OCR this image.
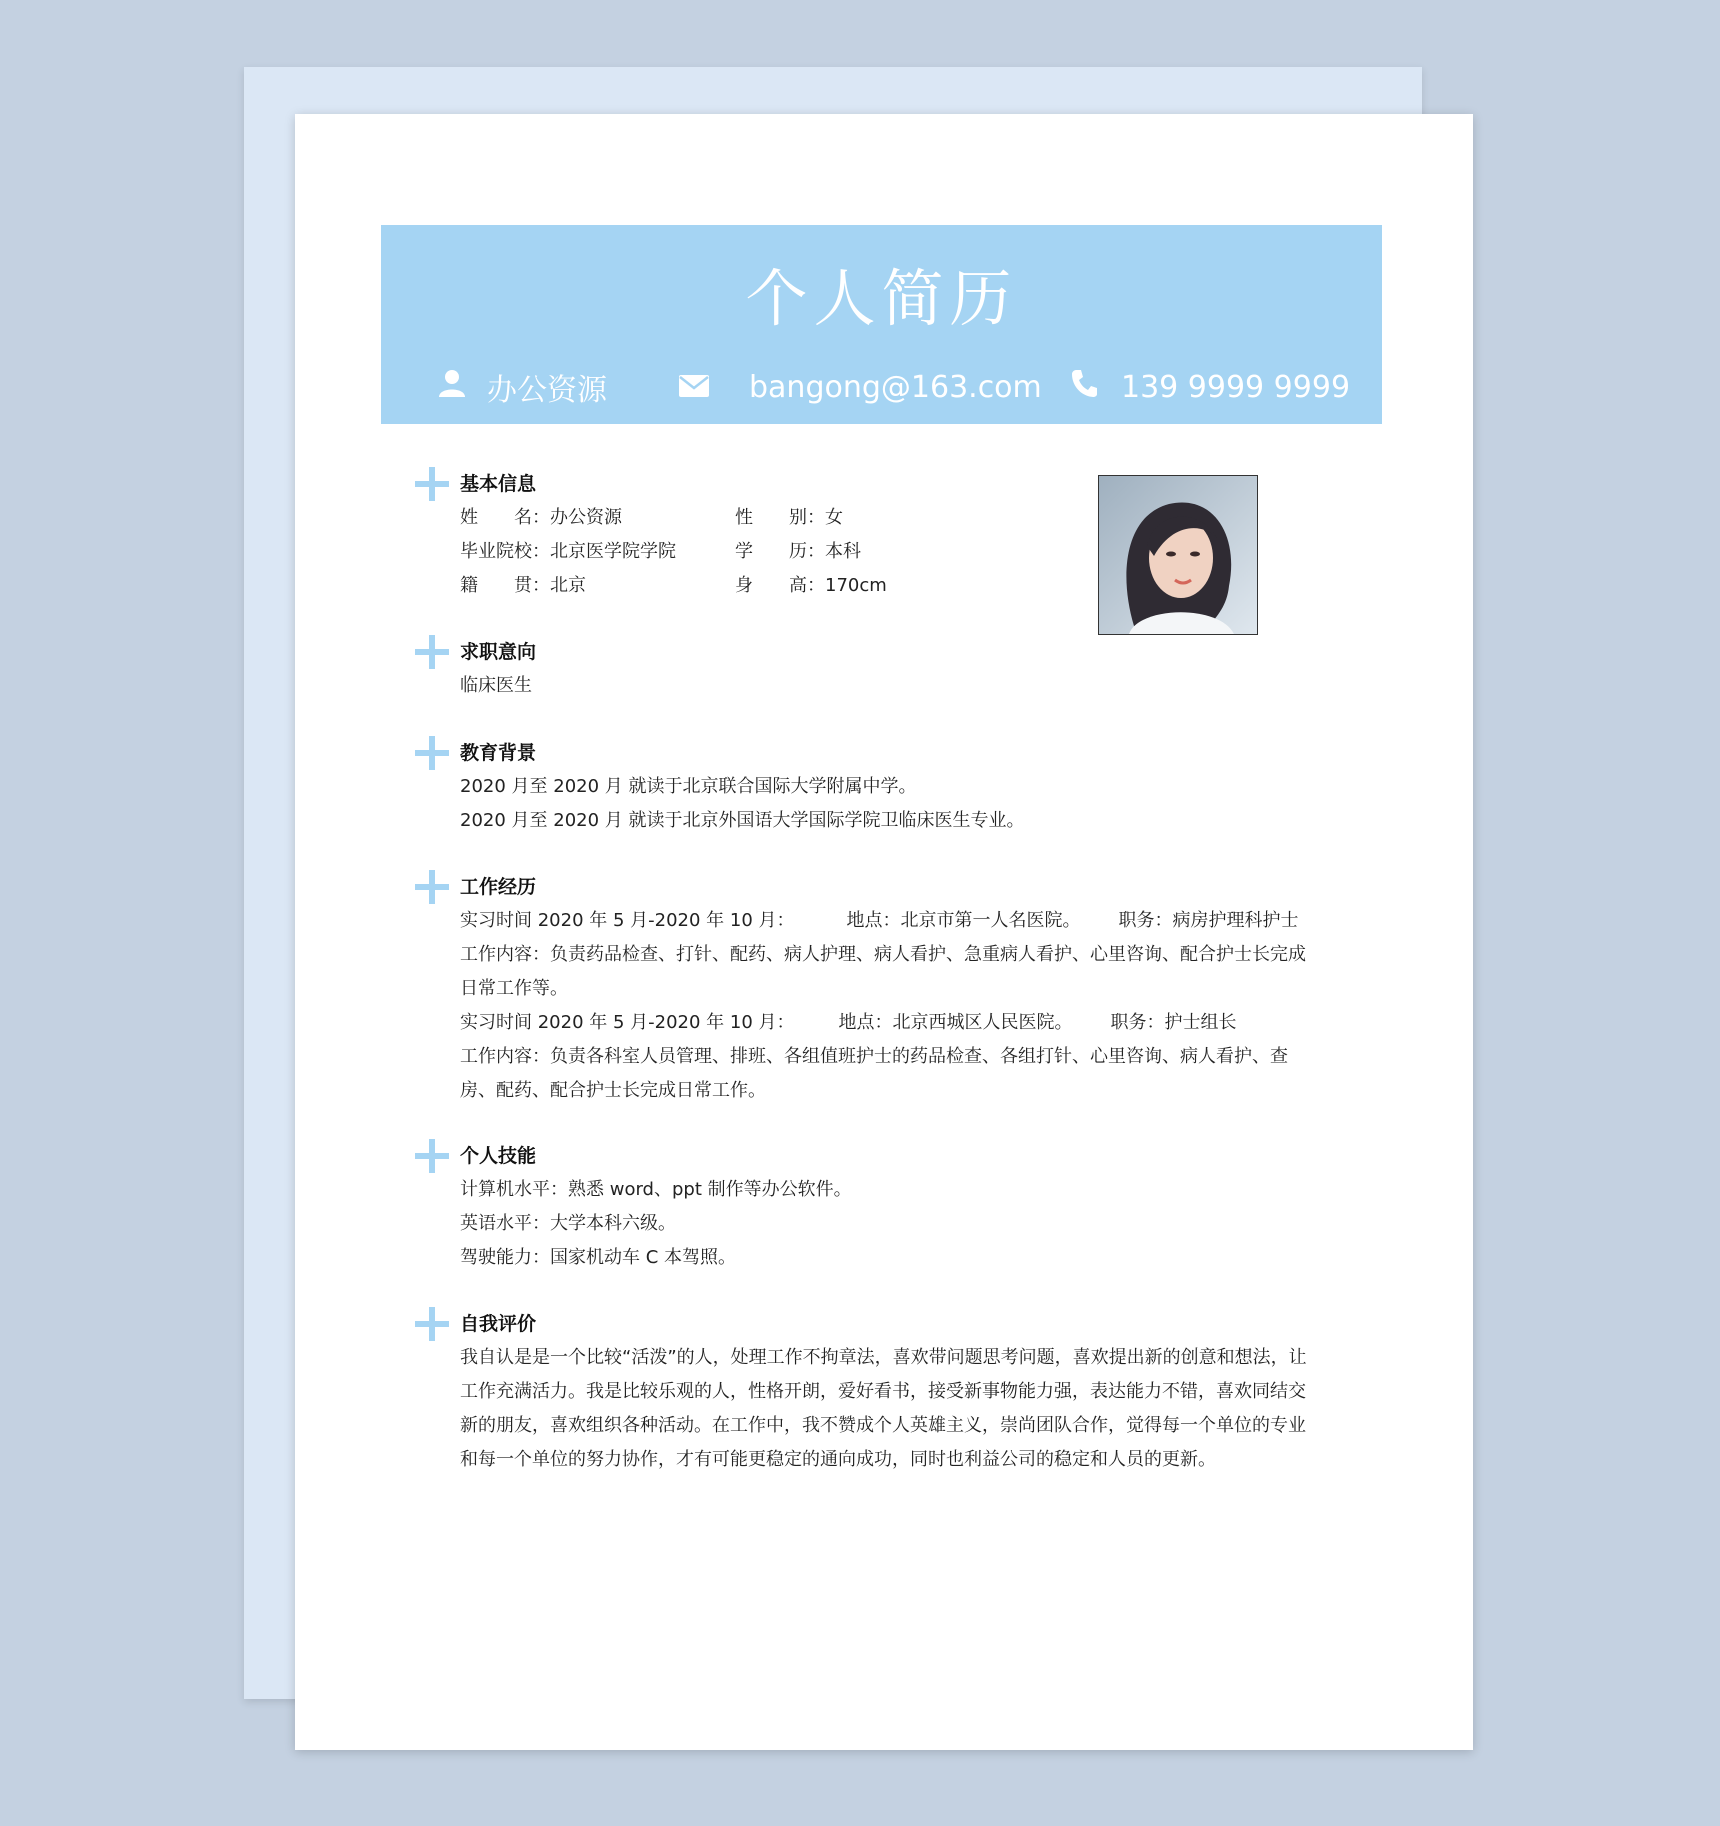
个人简历
办公资源	bangong@163.com	139 9999 9999
基本信息
姓　　名： 办公资源	性　　别：女
毕业院校： 北京医学院学院	学　　历：本科
籍　　贯： 北京	身　　高：170cm
求职意向
临床医生
教育背景
2020 月至 2020 月 就读于北京联合国际大学附属中学。
2020 月至 2020 月 就读于北京外国语大学国际学院卫临床医生专业。
工作经历
实习时间 2020 年 5 月-2020 年 10 月：	地点：北京市第一人名医院。 职务：病房护理科护士
工作内容：负责药品检查、打针、配药、病人护理、病人看护、急重病人看护、心里咨询、配合护士长完成日常工作等。
实习时间 2020 年 5 月-2020 年 10 月： 地点：北京西城区人民医院。 职务：护士组长
工作内容：负责各科室人员管理、排班、各组值班护士的药品检查、各组打针、心里咨询、病人看护、查房、配药、配合护士长完成日常工作。
个人技能
计算机水平：熟悉 word、ppt 制作等办公软件。
英语水平：大学本科六级。
驾驶能力：国家机动车 C 本驾照。
自我评价
我自认是是一个比较“活泼”的人，处理工作不拘章法，喜欢带问题思考问题，喜欢提出新的创意和想法，让工作充满活力。我是比较乐观的人，性格开朗，爱好看书，接受新事物能力强，表达能力不错，喜欢同结交新的朋友，喜欢组织各种活动。在工作中，我不赞成个人英雄主义，崇尚团队合作，觉得每一个单位的专业和每一个单位的努力协作，才有可能更稳定的通向成功，同时也利益公司的稳定和人员的更新。
